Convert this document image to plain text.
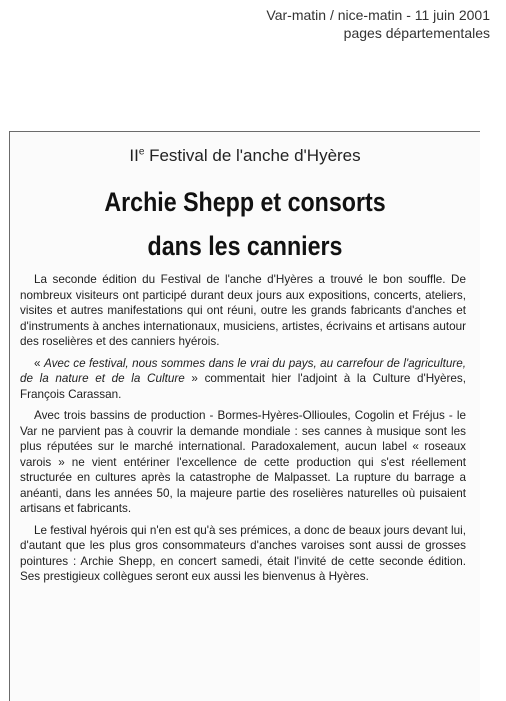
Var-matin / nice-matin - 11 juin 2001
pages départementales
IIe Festival de l'anche d'Hyères
Archie Shepp et consorts
dans les canniers

La seconde édition du Festival de l'anche d'Hyères a trouvé le bon souffle. De nombreux visiteurs ont participé durant deux jours aux expositions, concerts, ateliers, visites et autres manifestations qui ont réuni, outre les grands fabricants d'anches et d'instruments à anches internationaux, musiciens, artistes, écrivains et artisans autour des roselières et des canniers hyérois.

« Avec ce festival, nous sommes dans le vrai du pays, au carrefour de l'agriculture, de la nature et de la Culture » commentait hier l'adjoint à la Culture d'Hyères, François Carassan.

Avec trois bassins de production - Bormes-Hyères-Ollioules, Cogolin et Fréjus - le Var ne parvient pas à couvrir la demande mondiale : ses cannes à musique sont les plus réputées sur le marché international. Paradoxalement, aucun label « roseaux varois » ne vient entériner l'excellence de cette production qui s'est réellement structurée en cultures après la catastrophe de Malpasset. La rupture du barrage a anéanti, dans les années 50, la majeure partie des roselières naturelles où puisaient artisans et fabricants.

Le festival hyérois qui n'en est qu'à ses prémices, a donc de beaux jours devant lui, d'autant que les plus gros consommateurs d'anches varoises sont aussi de grosses pointures : Archie Shepp, en concert samedi, était l'invité de cette seconde édition. Ses prestigieux collègues seront eux aussi les bienvenus à Hyères.
